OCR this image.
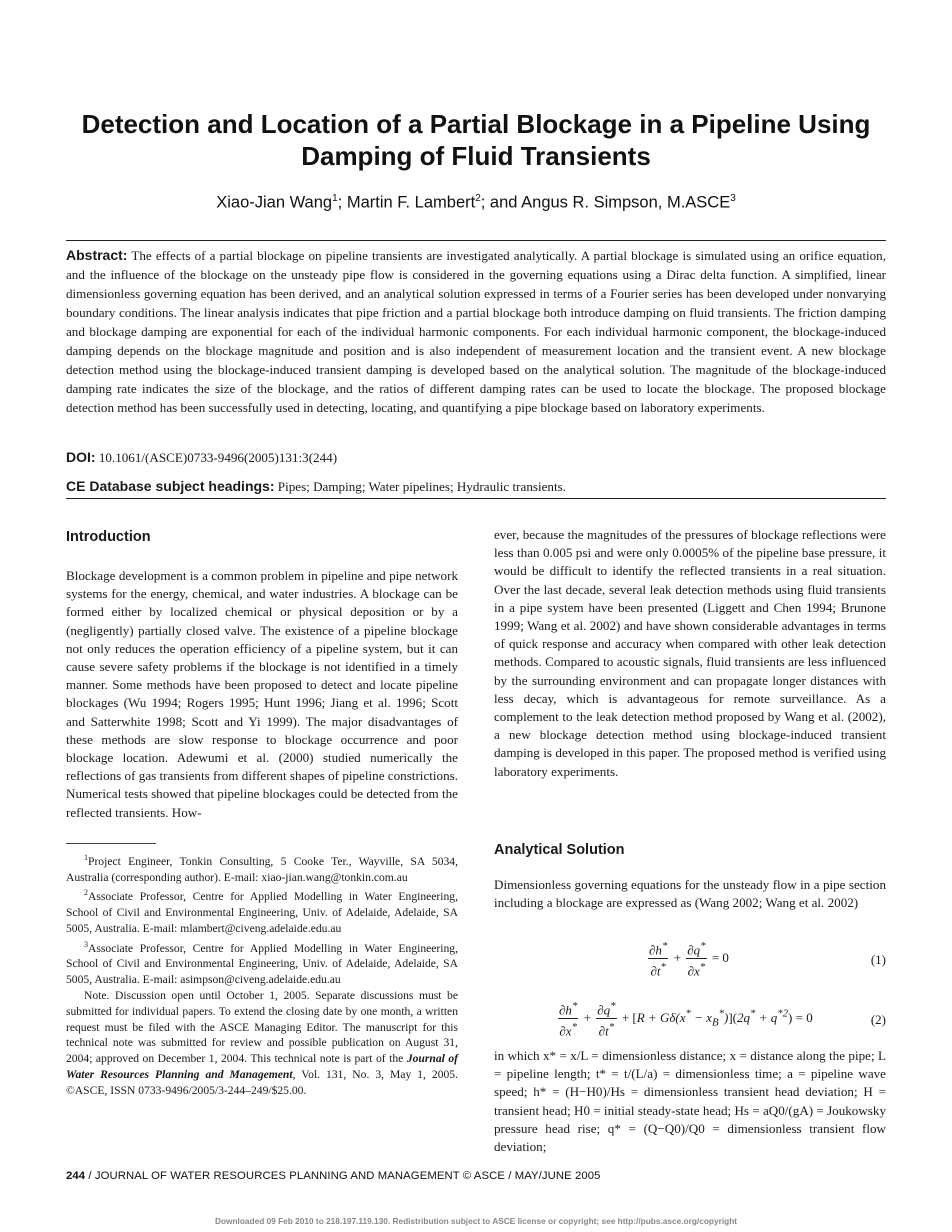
Detection and Location of a Partial Blockage in a Pipeline Using Damping of Fluid Transients
Xiao-Jian Wang$^1$; Martin F. Lambert$^2$; and Angus R. Simpson, M.ASCE$^3$
Abstract: The effects of a partial blockage on pipeline transients are investigated analytically. A partial blockage is simulated using an orifice equation, and the influence of the blockage on the unsteady pipe flow is considered in the governing equations using a Dirac delta function. A simplified, linear dimensionless governing equation has been derived, and an analytical solution expressed in terms of a Fourier series has been developed under nonvarying boundary conditions. The linear analysis indicates that pipe friction and a partial blockage both introduce damping on fluid transients. The friction damping and blockage damping are exponential for each of the individual harmonic components. For each individual harmonic component, the blockage-induced damping depends on the blockage magnitude and position and is also independent of measurement location and the transient event. A new blockage detection method using the blockage-induced transient damping is developed based on the analytical solution. The magnitude of the blockage-induced damping rate indicates the size of the blockage, and the ratios of different damping rates can be used to locate the blockage. The proposed blockage detection method has been successfully used in detecting, locating, and quantifying a pipe blockage based on laboratory experiments.
DOI: 10.1061/(ASCE)0733-9496(2005)131:3(244)
CE Database subject headings: Pipes; Damping; Water pipelines; Hydraulic transients.
Introduction
Blockage development is a common problem in pipeline and pipe network systems for the energy, chemical, and water industries. A blockage can be formed either by localized chemical or physical deposition or by a (negligently) partially closed valve. The existence of a pipeline blockage not only reduces the operation efficiency of a pipeline system, but it can cause severe safety problems if the blockage is not identified in a timely manner. Some methods have been proposed to detect and locate pipeline blockages (Wu 1994; Rogers 1995; Hunt 1996; Jiang et al. 1996; Scott and Satterwhite 1998; Scott and Yi 1999). The major disadvantages of these methods are slow response to blockage occurrence and poor blockage location. Adewumi et al. (2000) studied numerically the reflections of gas transients from different shapes of pipeline constrictions. Numerical tests showed that pipeline blockages could be detected from the reflected transients. How-

$^1$Project Engineer, Tonkin Consulting, 5 Cooke Ter., Wayville, SA 5034, Australia (corresponding author). E-mail: xiao-jian.wang@tonkin.com.au

$^2$Associate Professor, Centre for Applied Modelling in Water Engineering, School of Civil and Environmental Engineering, Univ. of Adelaide, Adelaide, SA 5005, Australia. E-mail: mlambert@civeng.adelaide.edu.au

$^3$Associate Professor, Centre for Applied Modelling in Water Engineering, School of Civil and Environmental Engineering, Univ. of Adelaide, Adelaide, SA 5005, Australia. E-mail: asimpson@civeng.adelaide.edu.au

Note. Discussion open until October 1, 2005. Separate discussions must be submitted for individual papers. To extend the closing date by one month, a written request must be filed with the ASCE Managing Editor. The manuscript for this technical note was submitted for review and possible publication on August 31, 2004; approved on December 1, 2004. This technical note is part of the Journal of Water Resources Planning and Management, Vol. 131, No. 3, May 1, 2005. ©ASCE, ISSN 0733-9496/2005/3-244–249/$25.00.

ever, because the magnitudes of the pressures of blockage reflections were less than 0.005 psi and were only 0.0005% of the pipeline base pressure, it would be difficult to identify the reflected transients in a real situation. Over the last decade, several leak detection methods using fluid transients in a pipe system have been presented (Liggett and Chen 1994; Brunone 1999; Wang et al. 2002) and have shown considerable advantages in terms of quick response and accuracy when compared with other leak detection methods. Compared to acoustic signals, fluid transients are less influenced by the surrounding environment and can propagate longer distances with less decay, which is advantageous for remote surveillance. As a complement to the leak detection method proposed by Wang et al. (2002), a new blockage detection method using blockage-induced transient damping is developed in this paper. The proposed method is verified using laboratory experiments.
Analytical Solution
Dimensionless governing equations for the unsteady flow in a pipe section including a blockage are expressed as (Wang 2002; Wang et al. 2002)
$\frac{\partial h^*}{\partial t^*} + \frac{\partial q^*}{\partial x^*} = 0$	(1)
$\frac{\partial h^*}{\partial x^*} + \frac{\partial q^*}{\partial t^*} + [R + G\delta(x^* - x_B^*)](2q^* + q^{*2}) = 0$	(2)
in which x* = x/L = dimensionless distance; x = distance along the pipe; L = pipeline length; t* = t/(L/a) = dimensionless time; a = pipeline wave speed; h* = (H−H0)/Hs = dimensionless transient head deviation; H = transient head; H0 = initial steady-state head; Hs = aQ0/(gA) = Joukowsky pressure head rise; q* = (Q−Q0)/Q0 = dimensionless transient flow deviation;
244 / JOURNAL OF WATER RESOURCES PLANNING AND MANAGEMENT © ASCE / MAY/JUNE 2005
Downloaded 09 Feb 2010 to 218.197.119.130. Redistribution subject to ASCE license or copyright; see http://pubs.asce.org/copyright
